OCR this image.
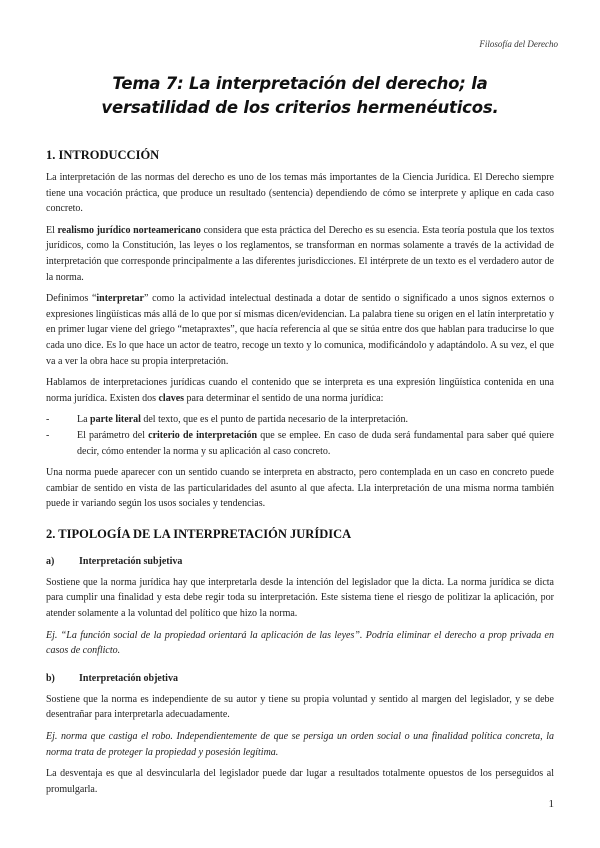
Filosofía del Derecho
Tema 7: La interpretación del derecho; la versatilidad de los criterios hermenéuticos.
1. INTRODUCCIÓN

La interpretación de las normas del derecho es uno de los temas más importantes de la Ciencia Jurídica. El Derecho siempre tiene una vocación práctica, que produce un resultado (sentencia) dependiendo de cómo se interprete y aplique en cada caso concreto.

El realismo jurídico norteamericano considera que esta práctica del Derecho es su esencia. Esta teoría postula que los textos jurídicos, como la Constitución, las leyes o los reglamentos, se transforman en normas solamente a través de la actividad de interpretación que corresponde principalmente a las diferentes jurisdicciones. El intérprete de un texto es el verdadero autor de la norma.

Definimos “interpretar” como la actividad intelectual destinada a dotar de sentido o significado a unos signos externos o expresiones lingüísticas más allá de lo que por sí mismas dicen/evidencian. La palabra tiene su origen en el latín interpretatio y en primer lugar viene del griego “metapraxtes”, que hacía referencia al que se sitúa entre dos que hablan para traducirse lo que cada uno dice. Es lo que hace un actor de teatro, recoge un texto y lo comunica, modificándolo y adaptándolo. A su vez, el que va a ver la obra hace su propia interpretación.

Hablamos de interpretaciones jurídicas cuando el contenido que se interpreta es una expresión lingüística contenida en una norma jurídica. Existen dos claves para determinar el sentido de una norma jurídica:

-	La parte literal del texto, que es el punto de partida necesario de la interpretación.
-	El parámetro del criterio de interpretación que se emplee. En caso de duda será fundamental para saber qué quiere decir, cómo entender la norma y su aplicación al caso concreto.

Una norma puede aparecer con un sentido cuando se interpreta en abstracto, pero contemplada en un caso en concreto puede cambiar de sentido en vista de las particularidades del asunto al que afecta. Lla interpretación de una misma norma también puede ir variando según los usos sociales y tendencias.

2. TIPOLOGÍA DE LA INTERPRETACIÓN JURÍDICA
a)	Interpretación subjetiva

Sostiene que la norma jurídica hay que interpretarla desde la intención del legislador que la dicta. La norma jurídica se dicta para cumplir una finalidad y esta debe regir toda su interpretación. Este sistema tiene el riesgo de politizar la aplicación, por atender solamente a la voluntad del político que hizo la norma.

Ej. “La función social de la propiedad orientará la aplicación de las leyes”. Podría eliminar el derecho a prop privada en casos de conflicto.

b)	Interpretación objetiva

Sostiene que la norma es independiente de su autor y tiene su propia voluntad y sentido al margen del legislador, y se debe desentrañar para interpretarla adecuadamente.

Ej. norma que castiga el robo. Independientemente de que se persiga un orden social o una finalidad política concreta, la norma trata de proteger la propiedad y posesión legítima.

La desventaja es que al desvincularla del legislador puede dar lugar a resultados totalmente opuestos de los perseguidos al promulgarla.

1
